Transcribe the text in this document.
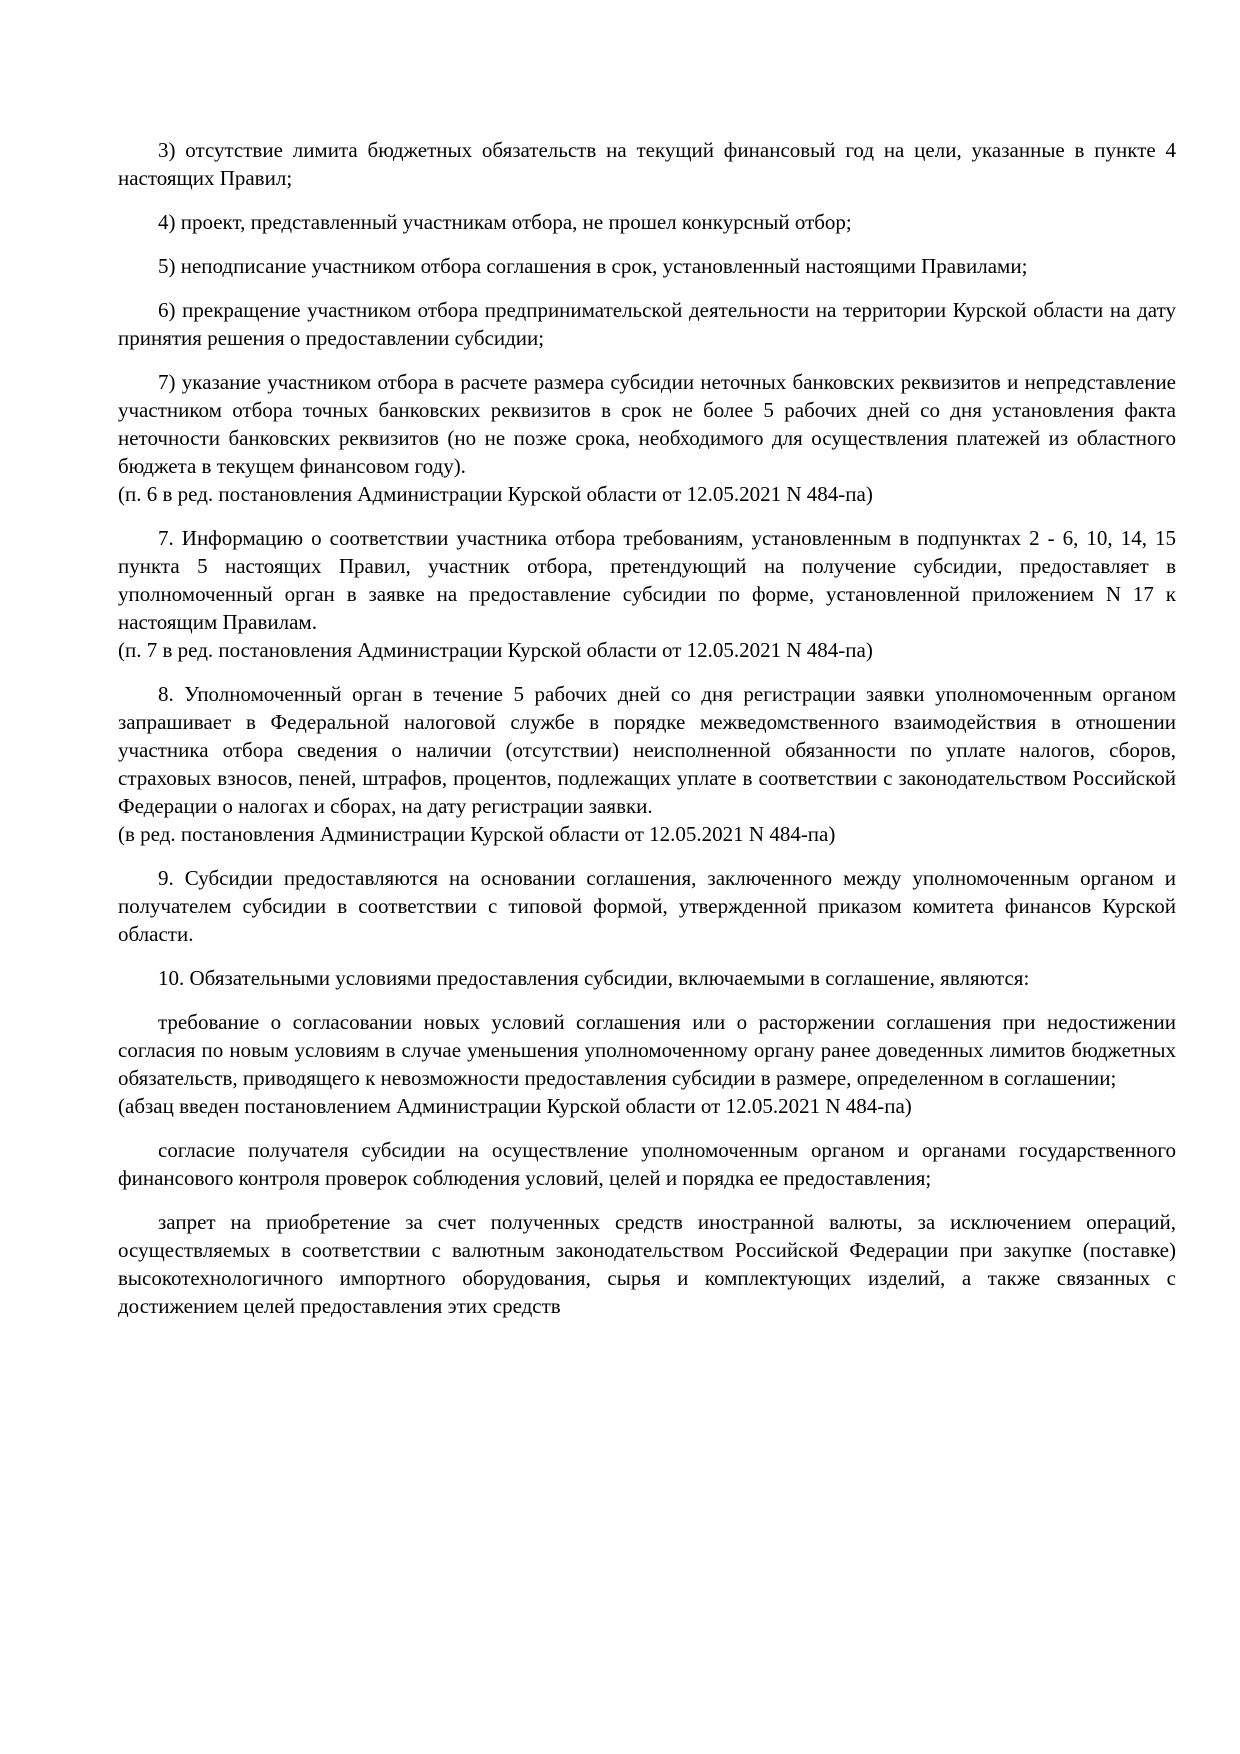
3) отсутствие лимита бюджетных обязательств на текущий финансовый год на цели, указанные в пункте 4 настоящих Правил;

4) проект, представленный участникам отбора, не прошел конкурсный отбор;

5) неподписание участником отбора соглашения в срок, установленный настоящими Правилами;

6) прекращение участником отбора предпринимательской деятельности на территории Курской области на дату принятия решения о предоставлении субсидии;

7) указание участником отбора в расчете размера субсидии неточных банковских реквизитов и непредставление участником отбора точных банковских реквизитов в срок не более 5 рабочих дней со дня установления факта неточности банковских реквизитов (но не позже срока, необходимого для осуществления платежей из областного бюджета в текущем финансовом году).

(п. 6 в ред. постановления Администрации Курской области от 12.05.2021 N 484-па)

7. Информацию о соответствии участника отбора требованиям, установленным в подпунктах 2 - 6, 10, 14, 15 пункта 5 настоящих Правил, участник отбора, претендующий на получение субсидии, предоставляет в уполномоченный орган в заявке на предоставление субсидии по форме, установленной приложением N 17 к настоящим Правилам.

(п. 7 в ред. постановления Администрации Курской области от 12.05.2021 N 484-па)

8. Уполномоченный орган в течение 5 рабочих дней со дня регистрации заявки уполномоченным органом запрашивает в Федеральной налоговой службе в порядке межведомственного взаимодействия в отношении участника отбора сведения о наличии (отсутствии) неисполненной обязанности по уплате налогов, сборов, страховых взносов, пеней, штрафов, процентов, подлежащих уплате в соответствии с законодательством Российской Федерации о налогах и сборах, на дату регистрации заявки.

(в ред. постановления Администрации Курской области от 12.05.2021 N 484-па)

9. Субсидии предоставляются на основании соглашения, заключенного между уполномоченным органом и получателем субсидии в соответствии с типовой формой, утвержденной приказом комитета финансов Курской области.

10. Обязательными условиями предоставления субсидии, включаемыми в соглашение, являются:

требование о согласовании новых условий соглашения или о расторжении соглашения при недостижении согласия по новым условиям в случае уменьшения уполномоченному органу ранее доведенных лимитов бюджетных обязательств, приводящего к невозможности предоставления субсидии в размере, определенном в соглашении;

(абзац введен постановлением Администрации Курской области от 12.05.2021 N 484-па)

согласие получателя субсидии на осуществление уполномоченным органом и органами государственного финансового контроля проверок соблюдения условий, целей и порядка ее предоставления;

запрет на приобретение за счет полученных средств иностранной валюты, за исключением операций, осуществляемых в соответствии с валютным законодательством Российской Федерации при закупке (поставке) высокотехнологичного импортного оборудования, сырья и комплектующих изделий, а также связанных с достижением целей предоставления этих средств
